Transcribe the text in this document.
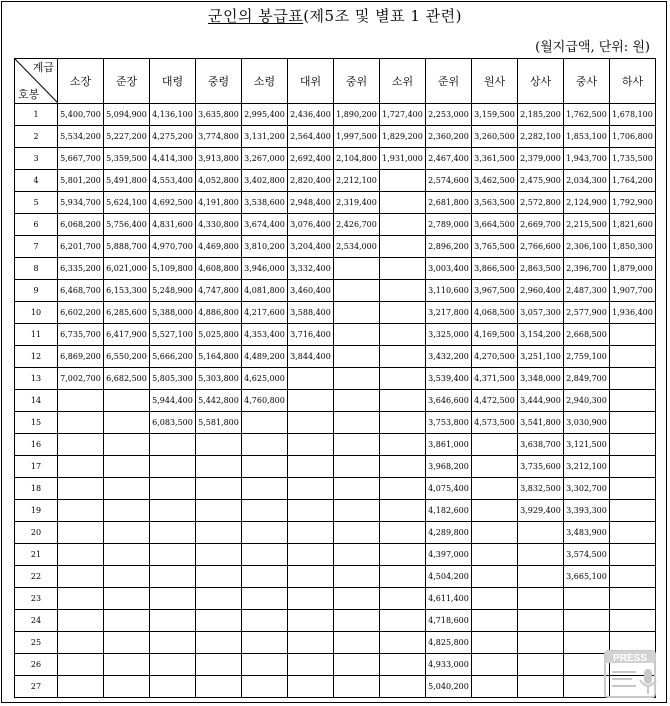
군인의 봉급표(제5조 및 별표 1 관련)
(월지급액, 단위: 원)
계급
호봉	소장	준장	대령	중령	소령	대위	중위	소위	준위	원사	상사	중사	하사
1	5,400,700	5,094,900	4,136,100	3,635,800	2,995,400	2,436,400	1,890,200	1,727,400	2,253,000	3,159,500	2,185,200	1,762,500	1,678,100
2	5,534,200	5,227,200	4,275,200	3,774,800	3,131,200	2,564,400	1,997,500	1,829,200	2,360,200	3,260,500	2,282,100	1,853,100	1,706,800
3	5,667,700	5,359,500	4,414,300	3,913,800	3,267,000	2,692,400	2,104,800	1,931,000	2,467,400	3,361,500	2,379,000	1,943,700	1,735,500
4	5,801,200	5,491,800	4,553,400	4,052,800	3,402,800	2,820,400	2,212,100		2,574,600	3,462,500	2,475,900	2,034,300	1,764,200
5	5,934,700	5,624,100	4,692,500	4,191,800	3,538,600	2,948,400	2,319,400		2,681,800	3,563,500	2,572,800	2,124,900	1,792,900
6	6,068,200	5,756,400	4,831,600	4,330,800	3,674,400	3,076,400	2,426,700		2,789,000	3,664,500	2,669,700	2,215,500	1,821,600
7	6,201,700	5,888,700	4,970,700	4,469,800	3,810,200	3,204,400	2,534,000		2,896,200	3,765,500	2,766,600	2,306,100	1,850,300
8	6,335,200	6,021,000	5,109,800	4,608,800	3,946,000	3,332,400			3,003,400	3,866,500	2,863,500	2,396,700	1,879,000
9	6,468,700	6,153,300	5,248,900	4,747,800	4,081,800	3,460,400			3,110,600	3,967,500	2,960,400	2,487,300	1,907,700
10	6,602,200	6,285,600	5,388,000	4,886,800	4,217,600	3,588,400			3,217,800	4,068,500	3,057,300	2,577,900	1,936,400
11	6,735,700	6,417,900	5,527,100	5,025,800	4,353,400	3,716,400			3,325,000	4,169,500	3,154,200	2,668,500	
12	6,869,200	6,550,200	5,666,200	5,164,800	4,489,200	3,844,400			3,432,200	4,270,500	3,251,100	2,759,100	
13	7,002,700	6,682,500	5,805,300	5,303,800	4,625,000				3,539,400	4,371,500	3,348,000	2,849,700	
14			5,944,400	5,442,800	4,760,800				3,646,600	4,472,500	3,444,900	2,940,300	
15			6,083,500	5,581,800					3,753,800	4,573,500	3,541,800	3,030,900	
16									3,861,000		3,638,700	3,121,500	
17									3,968,200		3,735,600	3,212,100	
18									4,075,400		3,832,500	3,302,700	
19									4,182,600		3,929,400	3,393,300	
20									4,289,800			3,483,900	
21									4,397,000			3,574,500	
22									4,504,200			3,665,100	
23									4,611,400				
24									4,718,600				
25									4,825,800				
26									4,933,000				
27									5,040,200				
PRESS
